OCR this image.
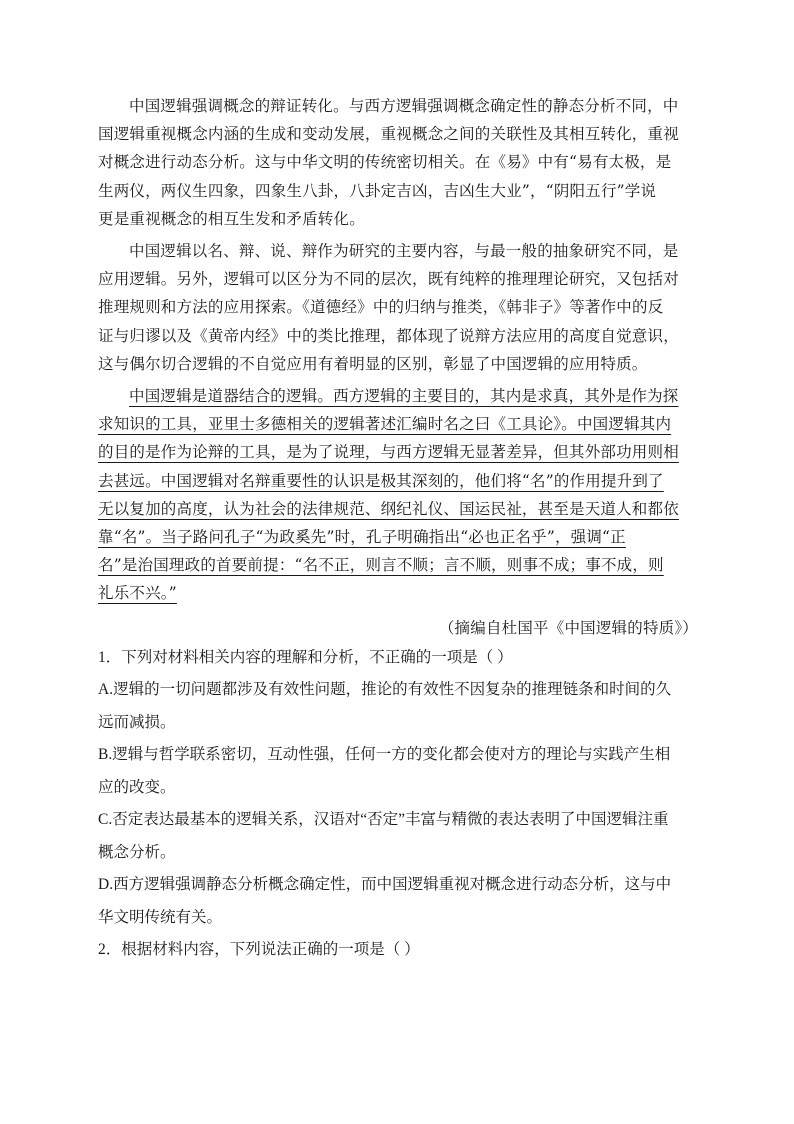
中国逻辑强调概念的辩证转化。与西方逻辑强调概念确定性的静态分析不同，中
国逻辑重视概念内涵的生成和变动发展，重视概念之间的关联性及其相互转化，重视
对概念进行动态分析。这与中华文明的传统密切相关。在《易》中有“易有太极，是
生两仪，两仪生四象，四象生八卦，八卦定吉凶，吉凶生大业”，“阴阳五行”学说
更是重视概念的相互生发和矛盾转化。
中国逻辑以名、辩、说、辩作为研究的主要内容，与最一般的抽象研究不同，是
应用逻辑。另外，逻辑可以区分为不同的层次，既有纯粹的推理理论研究，又包括对
推理规则和方法的应用探索。《道德经》中的归纳与推类，《韩非子》等著作中的反
证与归谬以及《黄帝内经》中的类比推理，都体现了说辩方法应用的高度自觉意识，
这与偶尔切合逻辑的不自觉应用有着明显的区别，彰显了中国逻辑的应用特质。
中国逻辑是道器结合的逻辑。西方逻辑的主要目的，其内是求真，其外是作为探
求知识的工具，亚里士多德相关的逻辑著述汇编时名之曰《工具论》。中国逻辑其内
的目的是作为论辩的工具，是为了说理，与西方逻辑无显著差异，但其外部功用则相
去甚远。中国逻辑对名辩重要性的认识是极其深刻的，他们将“名”的作用提升到了
无以复加的高度，认为社会的法律规范、纲纪礼仪、国运民祉，甚至是天道人和都依
靠“名”。当子路问孔子“为政奚先”时，孔子明确指出“必也正名乎”，强调“正
名”是治国理政的首要前提：“名不正，则言不顺；言不顺，则事不成；事不成，则
礼乐不兴。”

（摘编自杜国平《中国逻辑的特质》）

1．下列对材料相关内容的理解和分析，不正确的一项是（ ）
A.逻辑的一切问题都涉及有效性问题，推论的有效性不因复杂的推理链条和时间的久
远而减损。
B.逻辑与哲学联系密切，互动性强，任何一方的变化都会使对方的理论与实践产生相
应的改变。
C.否定表达最基本的逻辑关系，汉语对“否定”丰富与精微的表达表明了中国逻辑注重
概念分析。
D.西方逻辑强调静态分析概念确定性，而中国逻辑重视对概念进行动态分析，这与中
华文明传统有关。
2．根据材料内容，下列说法正确的一项是（ ）
